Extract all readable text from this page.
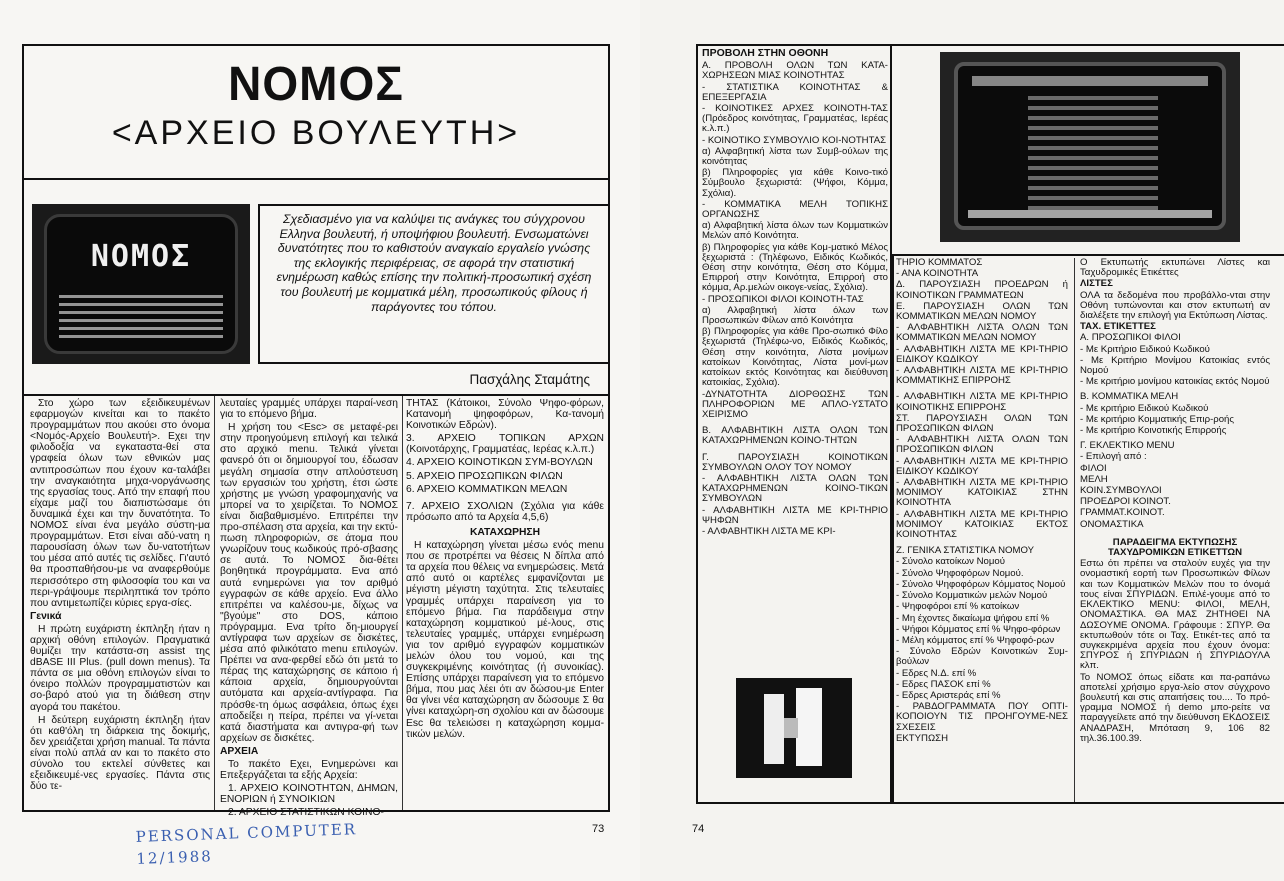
ΝΟΜΟΣ
<ΑΡΧΕΙΟ ΒΟΥΛΕΥΤΗ>
ΝΟΜΟΣ
Σχεδιασμένο για να καλύψει τις ανάγκες του σύγχρονου Ελληνα βουλευτή, ή υποψήφιου βουλευτή. Ενσωματώνει δυνατότητες που το καθιστούν αναγκαίο εργαλείο γνώσης της εκλογικής περιφέρειας, σε αφορά την στατιστική ενημέρωση καθώς επίσης την πολιτική-προσωπική σχέση του βουλευτή με κομματικά μέλη, προσωπικούς φίλους ή παράγοντες του τόπου.
Πασχάλης Σταμάτης

Στο χώρο των εξειδικευμένων εφαρμογών κινείται και το πακέτο προγραμμάτων που ακούει στο όνομα <Νομός-Αρχείο Βουλευτή>. Εχει την φιλοδοξία να εγκαταστα-θεί στα γραφεία όλων των εθνικών μας αντιπροσώπων που έχουν κα-ταλάβει την αναγκαιότητα μηχα-νοργάνωσης της εργασίας τους. Από την επαφή που είχαμε μαζί του διαπιστώσαμε ότι δυναμικά έχει και την δυνατότητα. Το ΝΟΜΟΣ είναι ένα μεγάλο σύστη-μα προγραμμάτων. Ετσι είναι αδύ-νατη η παρουσίαση όλων των δυ-νατοτήτων του μέσα από αυτές τις σελίδες. Γι'αυτό θα προσπαθήσου-με να αναφερθούμε περισσότερο στη φιλοσοφία του και να περι-γράψουμε περιληπτικά τον τρόπο που αντιμετωπίζει κύριες εργα-σίες.

Γενικά

Η πρώτη ευχάριστη έκπληξη ήταν η αρχική οθόνη επιλογών. Πραγματικά θυμίζει την κατάστα-ση assist της dBASE III Plus. (pull down menus). Τα πάντα σε μια οθόνη επιλογών είναι το όνειρο πολλών προγραμματιστών και σο-βαρό ατού για τη διάθεση στην αγορά του πακέτου.

Η δεύτερη ευχάριστη έκπληξη ήταν ότι καθ'όλη τη διάρκεια της δοκιμής, δεν χρειάζεται χρήση manual. Τα πάντα είναι πολύ απλά αν και το πακέτο στο σύνολο του εκτελεί σύνθετες και εξειδικευμέ-νες εργασίες. Πάντα στις δύο τε-

λευταίες γραμμές υπάρχει παραί-νεση για το επόμενο βήμα.

Η χρήση του <Esc> σε μεταφέ-ρει στην προηγούμενη επιλογή και τελικά στο αρχικό menu. Τελικά γίνεται φανερό ότι οι δημιουργοί του, έδωσαν μεγάλη σημασία στην απλούστευση των εργασιών του χρήστη, έτσι ώστε χρήστης με γνώση γραφομηχανής να μπορεί να το χειρίζεται. Το ΝΟΜΟΣ είναι διαβαθμισμένο. Επιτρέπει την προ-σπέλαση στα αρχεία, και την εκτύ-πωση πληροφοριών, σε άτομα που γνωρίζουν τους κωδικούς πρό-σβασης σε αυτά. Το ΝΟΜΟΣ δια-θέτει βοηθητικά προγράμματα. Ενα από αυτά ενημερώνει για τον αριθμό εγγραφών σε κάθε αρχείο. Ενα άλλο επιτρέπει να καλέσου-με, δίχως να "βγούμε" στο DOS, κάποιο πρόγραμμα. Ενα τρίτο δη-μιουργεί αντίγραφα των αρχείων σε δισκέτες, μέσα από φιλικότατο menu επιλογών. Πρέπει να ανα-φερθεί εδώ ότι μετά το πέρας της καταχώρησης σε κάποιο ή κάποια αρχεία, δημιουργούνται αυτόματα και αρχεία-αντίγραφα. Για πρόσθε-τη όμως ασφάλεια, όπως έχει αποδείξει η πείρα, πρέπει να γί-νεται κατά διαστήματα και αντιγρα-φή των αρχείων σε δισκέτες.

ΑΡΧΕΙΑ

Το πακέτο Εχει, Ενημερώνει και Επεξεργάζεται τα εξής Αρχεία:

1. ΑΡΧΕΙΟ ΚΟΙΝΟΤΗΤΩΝ, ΔΗΜΩΝ, ΕΝΟΡΙΩΝ ή ΣΥΝΟΙΚΙΩΝ

2. ΑΡΧΕΙΟ ΣΤΑΤΙΣΤΙΚΩΝ ΚΟΙΝΟ-

ΤΗΤΑΣ (Κάτοικοι, Σύνολο Ψηφο-φόρων, Κατανομή ψηφοφόρων, Κα-τανομή Κοινοτικών Εδρών).

3. ΑΡΧΕΙΟ ΤΟΠΙΚΩΝ ΑΡΧΩΝ (Κοινοτάρχης, Γραμματέας, Ιερέας κ.λ.π.)

4. ΑΡΧΕΙΟ ΚΟΙΝΟΤΙΚΩΝ ΣΥΜ-ΒΟΥΛΩΝ

5. ΑΡΧΕΙΟ ΠΡΟΣΩΠΙΚΩΝ ΦΙΛΩΝ

6. ΑΡΧΕΙΟ ΚΟΜΜΑΤΙΚΩΝ ΜΕΛΩΝ

7. ΑΡΧΕΙΟ ΣΧΟΛΙΩΝ (Σχόλια για κάθε πρόσωπο από τα Αρχεία 4,5,6)

ΚΑΤΑΧΩΡΗΣΗ

Η καταχώρηση γίνεται μέσω ενός menu που σε προτρέπει να θέσεις Ν δίπλα από τα αρχεία που θέλεις να ενημερώσεις. Μετά από αυτό οι καρτέλες εμφανίζονται με μέγιστη μέγιστη ταχύτητα. Στις τελευταίες γραμμές υπάρχει παραίνεση για το επόμενο βήμα. Για παράδειγμα στην καταχώρηση κομματικού μέ-λους, στις τελευταίες γραμμές, υπάρχει ενημέρωση για τον αριθμό εγγραφών κομματικών μελών όλου του νομού, και της συγκεκριμένης κοινότητας (ή συνοικίας). Επίσης υπάρχει παραίνεση για το επόμενο βήμα, που μας λέει ότι αν δώσου-με Enter θα γίνει νέα καταχώρηση αν δώσουμε Σ θα γίνει καταχώρη-ση σχολίου και αν δώσουμε Esc θα τελειώσει η καταχώρηση κομμα-τικών μελών.

PERSONAL COMPUTER
12/1988
73

ΠΡΟΒΟΛΗ ΣΤΗΝ ΟΘΟΝΗ

Α. ΠΡΟΒΟΛΗ ΟΛΩΝ ΤΩΝ ΚΑΤΑ-ΧΩΡΗΣΕΩΝ ΜΙΑΣ ΚΟΙΝΟΤΗΤΑΣ

- ΣΤΑΤΙΣΤΙΚΑ ΚΟΙΝΟΤΗΤΑΣ & ΕΠΕΞΕΡΓΑΣΙΑ

- ΚΟΙΝΟΤΙΚΕΣ ΑΡΧΕΣ ΚΟΙΝΟΤΗ-ΤΑΣ (Πρόεδρος κοινότητας, Γραμματέας, Ιερέας κ.λ.π.)

- ΚΟΙΝΟΤΙΚΟ ΣΥΜΒΟΥΛΙΟ ΚΟΙ-ΝΟΤΗΤΑΣ

α) Αλφαβητική λίστα των Συμβ-ούλων της κοινότητας

β) Πληροφορίες για κάθε Κοινο-τικό Σύμβουλο ξεχωριστά: (Ψήφοι, Κόμμα, Σχόλια).

- ΚΟΜΜΑΤΙΚΑ ΜΕΛΗ ΤΟΠΙΚΗΣ ΟΡΓΑΝΩΣΗΣ

α) Αλφαβητική λίστα όλων των Κομματικών Μελών από Κοινότητα.

β) Πληροφορίες για κάθε Κομ-ματικό Μέλος ξεχωριστά : (Τηλέφωνο, Ειδικός Κωδικός, Θέση στην κοινότητα, Θέση στο Κόμμα, Επιρροή στην Κοινότητα, Επιρροή στο κόμμα, Αρ.μελών οικογε-νείας, Σχόλια).

- ΠΡΟΣΩΠΙΚΟΙ ΦΙΛΟΙ ΚΟΙΝΟΤΗ-ΤΑΣ

α) Αλφαβητική λίστα όλων των Προσωπικών Φίλων από Κοινότητα

β) Πληροφορίες για κάθε Προ-σωπικό Φίλο ξεχωριστά (Τηλέφω-νο, Ειδικός Κωδικός, Θέση στην κοινότητα, Λίστα μονίμων κατοίκων Κοινότητας, Λίστα μονί-μων κατοίκων εκτός Κοινότητας και διεύθυνση κατοικίας, Σχόλια).

-ΔΥΝΑΤΟΤΗΤΑ ΔΙΟΡΘΩΣΗΣ ΤΩΝ ΠΛΗΡΟΦΟΡΙΩΝ ΜΕ ΑΠΛΟ-ΥΣΤΑΤΟ ΧΕΙΡΙΣΜΟ

Β. ΑΛΦΑΒΗΤΙΚΗ ΛΙΣΤΑ ΟΛΩΝ ΤΩΝ ΚΑΤΑΧΩΡΗΜΕΝΩΝ ΚΟΙΝΟ-ΤΗΤΩΝ

Γ. ΠΑΡΟΥΣΙΑΣΗ ΚΟΙΝΟΤΙΚΩΝ ΣΥΜΒΟΥΛΩΝ ΟΛΟΥ ΤΟΥ ΝΟΜΟΥ

- ΑΛΦΑΒΗΤΙΚΗ ΛΙΣΤΑ ΟΛΩΝ ΤΩΝ ΚΑΤΑΧΩΡΗΜΕΝΩΝ ΚΟΙΝΟ-ΤΙΚΩΝ ΣΥΜΒΟΥΛΩΝ

- ΑΛΦΑΒΗΤΙΚΗ ΛΙΣΤΑ ΜΕ ΚΡΙ-ΤΗΡΙΟ ΨΗΦΩΝ

- ΑΛΦΑΒΗΤΙΚΗ ΛΙΣΤΑ ΜΕ ΚΡΙ-

ΤΗΡΙΟ ΚΟΜΜΑΤΟΣ

- ΑΝΑ ΚΟΙΝΟΤΗΤΑ

Δ. ΠΑΡΟΥΣΙΑΣΗ ΠΡΟΕΔΡΩΝ ή ΚΟΙΝΟΤΙΚΩΝ ΓΡΑΜΜΑΤΕΩΝ

Ε. ΠΑΡΟΥΣΙΑΣΗ ΟΛΩΝ ΤΩΝ ΚΟΜΜΑΤΙΚΩΝ ΜΕΛΩΝ ΝΟΜΟΥ

- ΑΛΦΑΒΗΤΙΚΗ ΛΙΣΤΑ ΟΛΩΝ ΤΩΝ ΚΟΜΜΑΤΙΚΩΝ ΜΕΛΩΝ ΝΟΜΟΥ

- ΑΛΦΑΒΗΤΙΚΗ ΛΙΣΤΑ ΜΕ ΚΡΙ-ΤΗΡΙΟ ΕΙΔΙΚΟΥ ΚΩΔΙΚΟΥ

- ΑΛΦΑΒΗΤΙΚΗ ΛΙΣΤΑ ΜΕ ΚΡΙ-ΤΗΡΙΟ ΚΟΜΜΑΤΙΚΗΣ ΕΠΙΡΡΟΗΣ

- ΑΛΦΑΒΗΤΙΚΗ ΛΙΣΤΑ ΜΕ ΚΡΙ-ΤΗΡΙΟ ΚΟΙΝΟΤΙΚΗΣ ΕΠΙΡΡΟΗΣ

ΣΤ. ΠΑΡΟΥΣΙΑΣΗ ΟΛΩΝ ΤΩΝ ΠΡΟΣΩΠΙΚΩΝ ΦΙΛΩΝ

- ΑΛΦΑΒΗΤΙΚΗ ΛΙΣΤΑ ΟΛΩΝ ΤΩΝ ΠΡΟΣΩΠΙΚΩΝ ΦΙΛΩΝ

- ΑΛΦΑΒΗΤΙΚΗ ΛΙΣΤΑ ΜΕ ΚΡΙ-ΤΗΡΙΟ ΕΙΔΙΚΟΥ ΚΩΔΙΚΟΥ

- ΑΛΦΑΒΗΤΙΚΗ ΛΙΣΤΑ ΜΕ ΚΡΙ-ΤΗΡΙΟ ΜΟΝΙΜΟΥ ΚΑΤΟΙΚΙΑΣ ΣΤΗΝ ΚΟΙΝΟΤΗΤΑ

- ΑΛΦΑΒΗΤΙΚΗ ΛΙΣΤΑ ΜΕ ΚΡΙ-ΤΗΡΙΟ ΜΟΝΙΜΟΥ ΚΑΤΟΙΚΙΑΣ ΕΚΤΟΣ ΚΟΙΝΟΤΗΤΑΣ

Ζ. ΓΕΝΙΚΑ ΣΤΑΤΙΣΤΙΚΑ ΝΟΜΟΥ

- Σύνολο κατοίκων Νομού

- Σύνολο Ψηφοφόρων Νομού.

- Σύνολο Ψηφοφόρων Κόμματος Νομού

- Σύνολο Κομματικών μελών Νομού

- Ψηφοφόροι επί % κατοίκων

- Μη έχοντες δικαίωμα ψήφου επί %

- Ψήφοι Κόμματος επί % Ψηφο-φόρων

- Μέλη κόμματος επί % Ψηφοφό-ρων

- Σύνολο Εδρών Κοινοτικών Συμ-βούλων

- Εδρες Ν.Δ. επί %

- Εδρες ΠΑΣΟΚ επί %

- Εδρες Αριστεράς επί %

- ΡΑΒΔΟΓΡΑΜΜΑΤΑ ΠΟΥ ΟΠΤΙ-ΚΟΠΟΙΟΥΝ ΤΙΣ ΠΡΟΗΓΟΥΜΕ-ΝΕΣ ΣΧΕΣΕΙΣ

ΕΚΤΥΠΩΣΗ

Ο Εκτυπωτής εκτυπώνει Λίστες και Ταχυδρομικές Ετικέττες

ΛΙΣΤΕΣ

ΟΛΑ τα δεδομένα που προβάλλο-νται στην Οθόνη τυπώνονται και στον εκτυπωτή αν διαλέξετε την επιλογή για Εκτύπωση Λίστας.

ΤΑΧ. ΕΤΙΚΕΤΤΕΣ

Α. ΠΡΟΣΩΠΙΚΟΙ ΦΙΛΟΙ

- Με Κριτήριο Ειδικού Κωδικού

- Με Κριτήριο Μονίμου Κατοικίας εντός Νομού

- Με κριτήριο μονίμου κατοικίας εκτός Νομού

Β. ΚΟΜΜΑΤΙΚΑ ΜΕΛΗ

- Με κριτήριο Ειδικού Κωδικού

- Με κριτήριο Κομματικής Επιρ-ροής

- Με κριτήριο Κοινοτικής Επιρροής

Γ. ΕΚΛΕΚΤΙΚΟ MENU

- Επιλογή από :

ΦΙΛΟΙ

ΜΕΛΗ

ΚΟΙΝ.ΣΥΜΒΟΥΛΟΙ

ΠΡΟΕΔΡΟΙ ΚΟΙΝΟΤ.

ΓΡΑΜΜΑΤ.ΚΟΙΝΟΤ.

ΟΝΟΜΑΣΤΙΚΑ

ΠΑΡΑΔΕΙΓΜΑ ΕΚΤΥΠΩΣΗΣ ΤΑΧΥΔΡΟΜΙΚΩΝ ΕΤΙΚΕΤΤΩΝ

Εστω ότι πρέπει να σταλούν ευχές για την ονομαστική εορτή των Προσωπικών Φίλων και των Κομματικών Μελών που το όνομά τους είναι ΣΠΥΡΙΔΩΝ. Επιλέ-γουμε από το ΕΚΛΕΚΤΙΚΟ MENU: ΦΙΛΟΙ, ΜΕΛΗ, ΟΝΟΜΑΣΤΙΚΑ. ΘΑ ΜΑΣ ΖΗΤΗΘΕΙ ΝΑ ΔΩΣΟΥΜΕ ΟΝΟΜΑ. Γράφουμε : ΣΠΥΡ. Θα εκτυπωθούν τότε οι Ταχ. Ετικέτ-τες από τα συγκεκριμένα αρχεία που έχουν όνομα: ΣΠΥΡΟΣ ή ΣΠΥΡΙΔΩΝ ή ΣΠΥΡΙΔΟΥΛΑ κλπ.

Το ΝΟΜΟΣ όπως είδατε και πα-ραπάνω αποτελεί χρήσιμο εργα-λείο στον σύγχρονο βουλευτή και στις απαιτήσεις του.... Το πρό-γραμμα ΝΟΜΟΣ ή demo μπο-ρείτε να παραγγείλετε από την διεύθυνση ΕΚΔΟΣΕΙΣ ΑΝΑΔΡΑΣΗ, Μπόταση 9, 106 82 τηλ.36.100.39.

74
